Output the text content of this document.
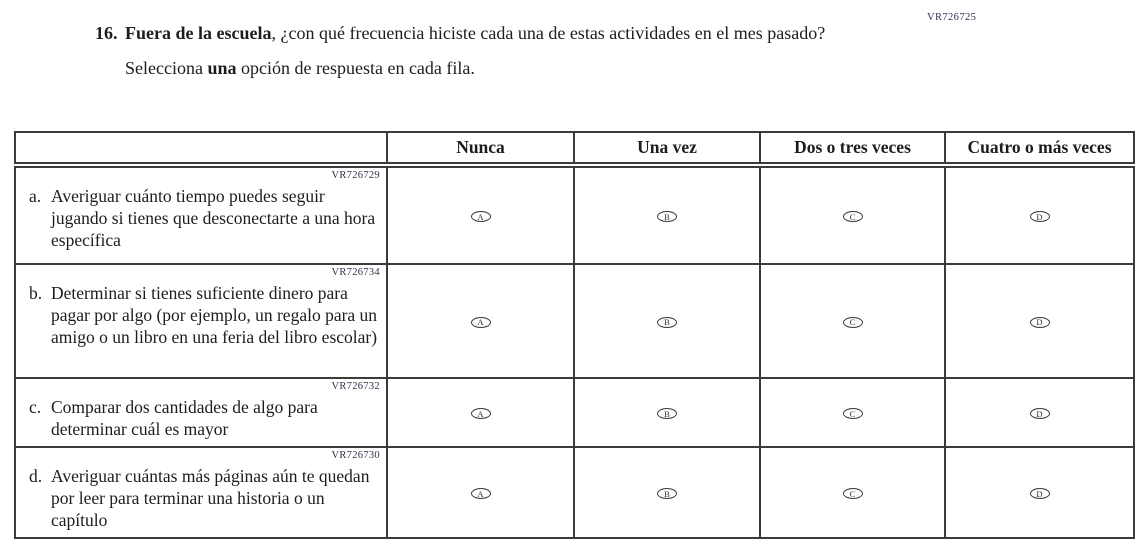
VR726725
16. Fuera de la escuela, ¿con qué frecuencia hiciste cada una de estas actividades en el mes pasado?
Selecciona una opción de respuesta en cada fila.
	Nunca	Una vez	Dos o tres veces	Cuatro o más veces

VR726729
a. Averiguar cuánto tiempo puedes seguir jugando si tienes que desconectarte a una hora específica	A	B	C	D

VR726734
b. Determinar si tienes suficiente dinero para pagar por algo (por ejemplo, un regalo para un amigo o un libro en una feria del libro escolar)	A	B	C	D

VR726732
c. Comparar dos cantidades de algo para determinar cuál es mayor	A	B	C	D

VR726730
d. Averiguar cuántas más páginas aún te quedan por leer para terminar una historia o un capítulo	A	B	C	D
